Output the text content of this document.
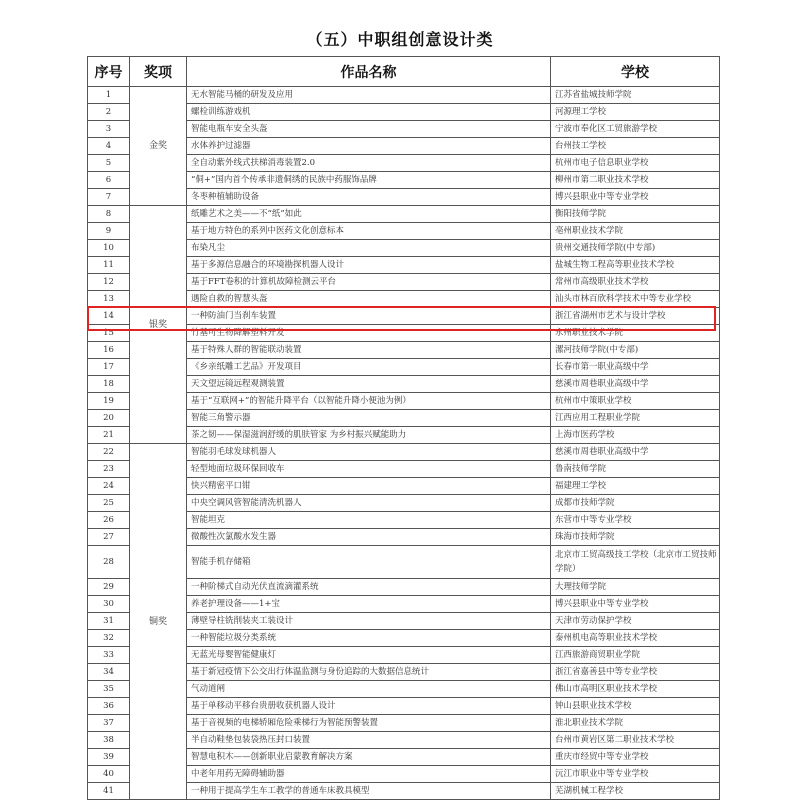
（五）中职组创意设计类
序号	奖项	作品名称	学校
1	金奖	无水智能马桶的研发及应用	江苏省盐城技师学院
2		螺栓训练游戏机	河源理工学校
3		智能电瓶车安全头盔	宁波市奉化区工贸旅游学校
4		水体养护过滤器	台州技工学校
5		全自动紫外线式扶梯消毒装置2.0	杭州市电子信息职业学校
6		“侗+”国内首个传承非遗侗绣的民族中药服饰品牌	柳州市第二职业技术学校
7		冬枣种植辅助设备	博兴县职业中等专业学校
8	银奖	纸雕艺术之美——不“纸”如此	衡阳技师学院
9		基于地方特色的系列中医药文化创意标本	亳州职业技术学院
10		布染凡尘	贵州交通技师学院(中专部)
11		基于多源信息融合的环境勘探机器人设计	盐城生物工程高等职业技术学校
12		基于FFT卷积的计算机故障检测云平台	常州市高级职业技术学校
13		遇险自救的智慧头盔	汕头市林百欣科学技术中等专业学校
14		一种防油门当刹车装置	浙江省湖州市艺术与设计学校
15		竹基可生物降解塑料开发	永州职业技术学院
16		基于特殊人群的智能联动装置	漯河技师学院(中专部)
17		《乡亲纸雕工艺品》开发项目	长春市第一职业高级中学
18		天文望远镜远程观测装置	慈溪市周巷职业高级中学
19		基于“互联网+”的智能升降平台（以智能升降小便池为例）	杭州市中策职业学校
20		智能三角警示器	江西应用工程职业学院
21		茶之韧——保湿滋润舒缓的肌肤管家 为乡村振兴赋能助力	上海市医药学校
22	铜奖	智能羽毛球发球机器人	慈溪市周巷职业高级中学
23		轻型地面垃圾环保回收车	鲁南技师学院
24		快兴精密平口钳	福建理工学校
25		中央空调风管智能清洗机器人	成都市技师学院
26		智能坦克	东营市中等专业学校
27		微酸性次氯酸水发生器	珠海市技师学院
28		智能手机存储箱	北京市工贸高级技工学校（北京市工贸技师学院）
29		一种阶梯式自动光伏直流滴灌系统	大理技师学院
30		养老护理设备——1+宝	博兴县职业中等专业学校
31		薄壁导柱铣削装夹工装设计	天津市劳动保护学校
32		一种智能垃圾分类系统	泰州机电高等职业技术学校
33		无蓝光母婴智能健康灯	江西旅游商贸职业学院
34		基于新冠疫情下公交出行体温监测与身份追踪的大数据信息统计	浙江省嘉善县中等专业学校
35		气动道闸	佛山市高明区职业技术学校
36		基于单移动平移台贵册收获机器人设计	钟山县职业技术学校
37		基于音视频的电梯轿厢危险乘梯行为智能预警装置	淮北职业技术学院
38		半自动鞋垫包装袋热压封口装置	台州市黄岩区第二职业技术学校
39		智慧电积木——创新职业启蒙教育解决方案	重庆市经贸中等专业学校
40		中老年用药无障碍辅助器	沅江市职业中等专业学校
41		一种用于提高学生车工教学的普通车床教具模型	芜湖机械工程学校
